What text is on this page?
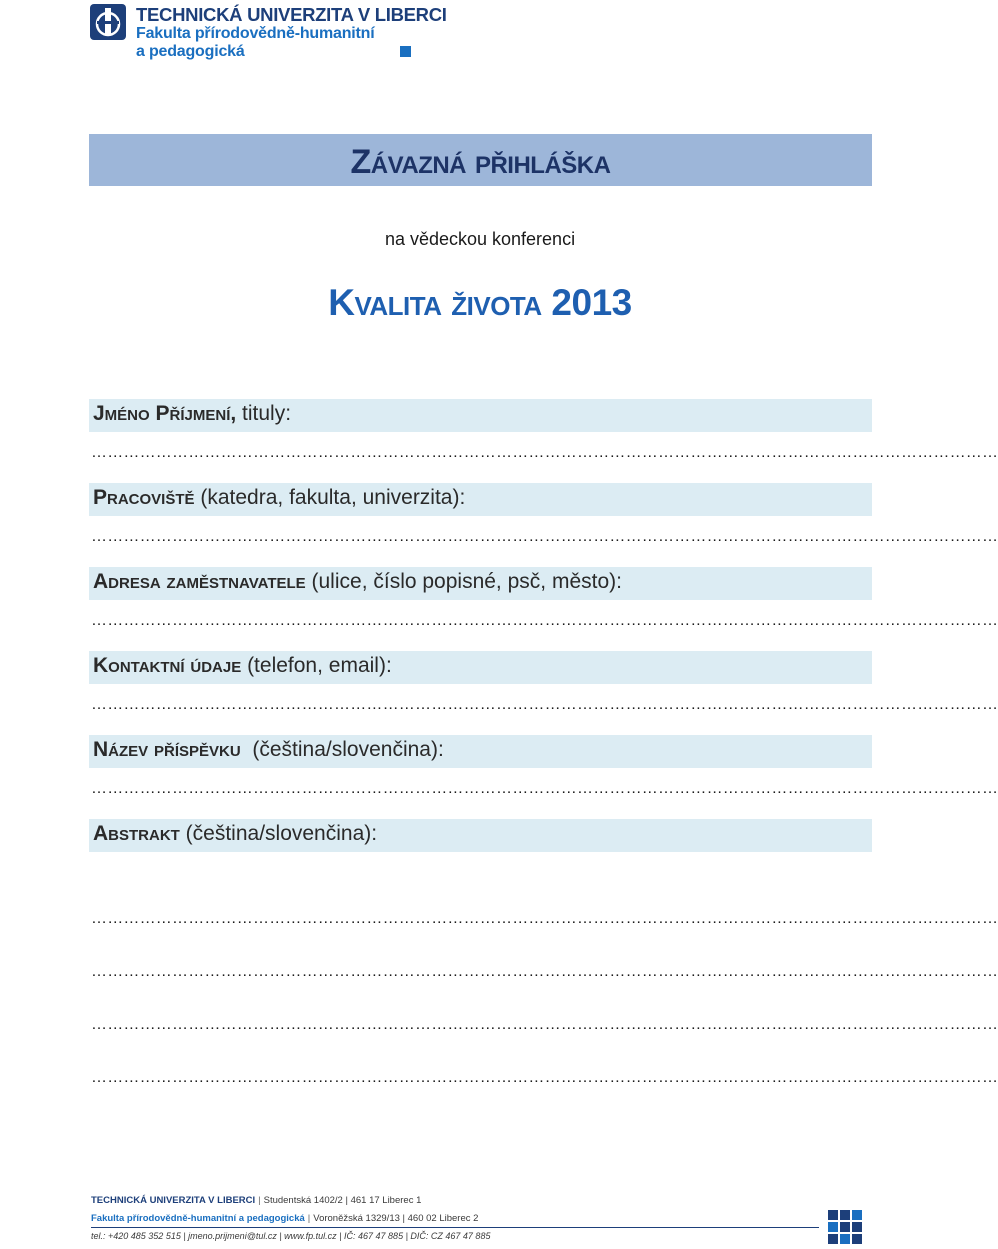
TECHNICKÁ UNIVERZITA V LIBERCI
Fakulta přírodovědně-humanitní
a pedagogická
Závazná přihláška
na vědeckou konferenci
Kvalita života 2013
Jméno Příjmení, tituly:
……………………………………………………………………………………………………………………………………………………
Pracoviště (katedra, fakulta, univerzita):
……………………………………………………………………………………………………………………………………………………
Adresa zaměstnavatele (ulice, číslo popisné, psč, město):
……………………………………………………………………………………………………………………………………………………
Kontaktní údaje (telefon, email):
……………………………………………………………………………………………………………………………………………………
Název příspěvku  (čeština/slovenčina):
……………………………………………………………………………………………………………………………………………………
Abstrakt (čeština/slovenčina):
……………………………………………………………………………………………………………………………………………………
……………………………………………………………………………………………………………………………………………………
……………………………………………………………………………………………………………………………………………………
……………………………………………………………………………………………………………………………………………………
TECHNICKÁ UNIVERZITA V LIBERCI | Studentská 1402/2 | 461 17 Liberec 1
Fakulta přírodovědně-humanitní a pedagogická | Voroněžská 1329/13 | 460 02 Liberec 2
tel.: +420 485 352 515 | jmeno.prijmeni@tul.cz | www.fp.tul.cz | IČ: 467 47 885 | DIČ: CZ 467 47 885
